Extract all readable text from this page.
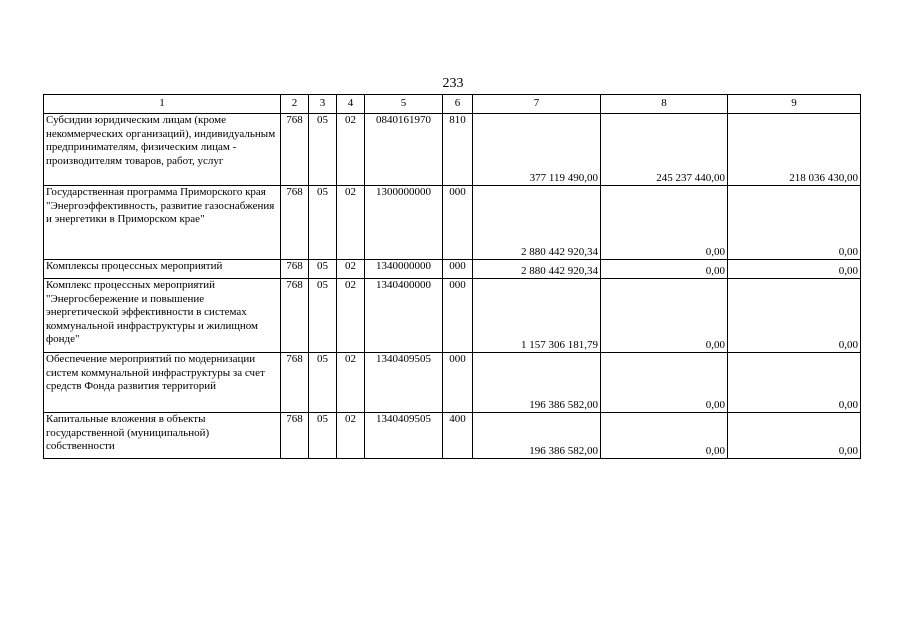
233
1	2	3	4	5	6	7	8	9
Субсидии юридическим лицам (кроме некоммерческих организаций), индивидуальным предпринимателям, физическим лицам - производителям товаров, работ, услуг	768	05	02	0840161970	810	377 119 490,00	245 237 440,00	218 036 430,00
Государственная программа Приморского края "Энергоэффективность, развитие газоснабжения и энергетики в Приморском крае"	768	05	02	1300000000	000	2 880 442 920,34	0,00	0,00
Комплексы процессных мероприятий	768	05	02	1340000000	000	2 880 442 920,34	0,00	0,00
Комплекс процессных мероприятий "Энергосбережение и повышение энергетической эффективности в системах коммунальной инфраструктуры и жилищном фонде"	768	05	02	1340400000	000	1 157 306 181,79	0,00	0,00
Обеспечение мероприятий по модернизации систем коммунальной инфраструктуры за счет средств Фонда развития территорий	768	05	02	1340409505	000	196 386 582,00	0,00	0,00
Капитальные вложения в объекты государственной (муниципальной) собственности	768	05	02	1340409505	400	196 386 582,00	0,00	0,00
